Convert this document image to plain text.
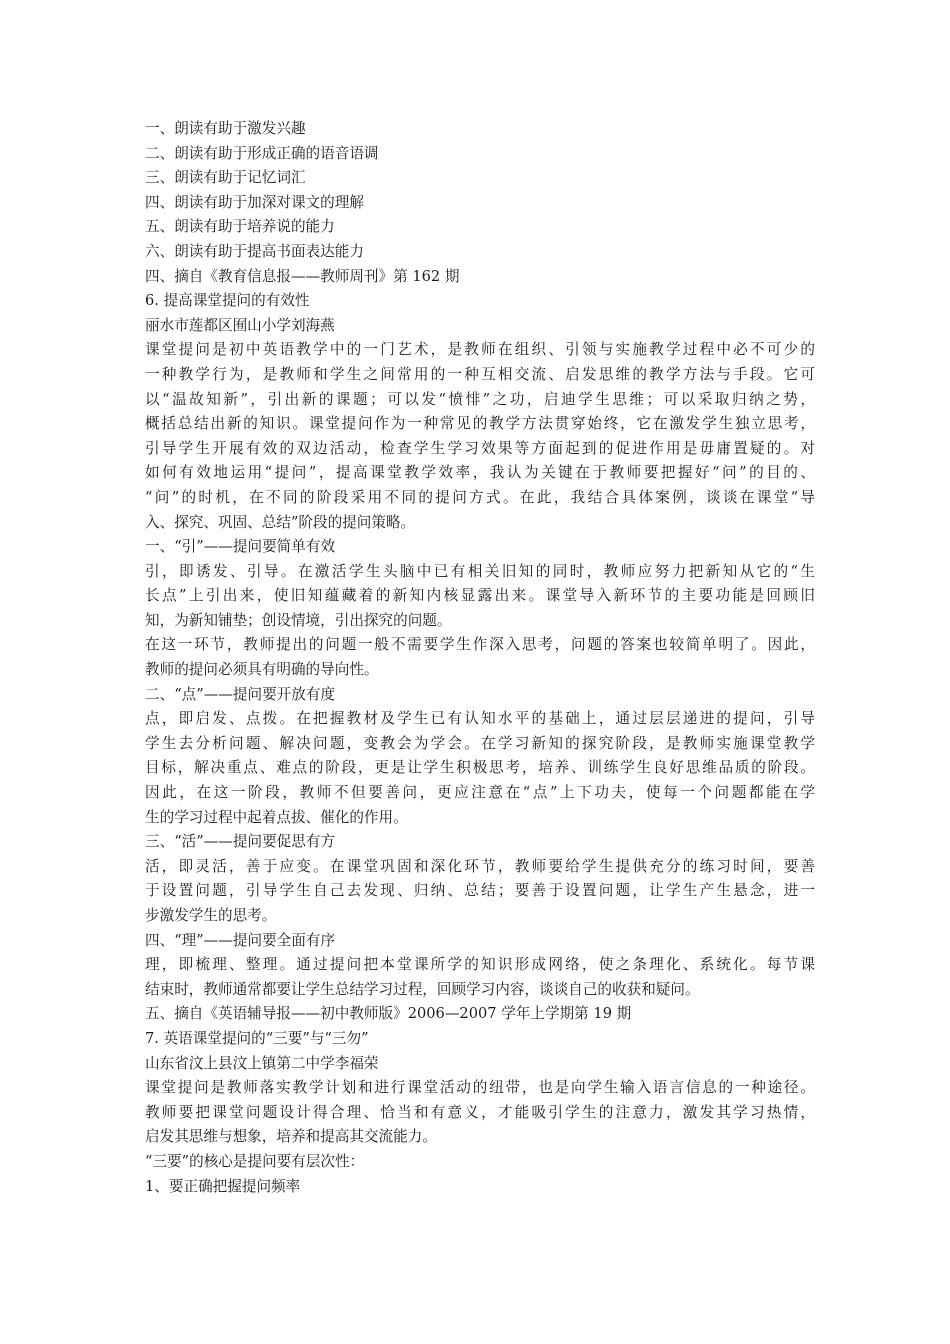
一、朗读有助于激发兴趣
二、朗读有助于形成正确的语音语调
三、朗读有助于记忆词汇
四、朗读有助于加深对课文的理解
五、朗读有助于培养说的能力
六、朗读有助于提高书面表达能力
四、摘自《教育信息报——教师周刊》第 162 期
6. 提高课堂提问的有效性
丽水市莲都区囿山小学刘海燕
课堂提问是初中英语教学中的一门艺术，是教师在组织、引领与实施教学过程中必不可少的
一种教学行为，是教师和学生之间常用的一种互相交流、启发思维的教学方法与手段。它可
以“温故知新”，引出新的课题；可以发“愤悱”之功，启迪学生思维；可以采取归纳之势，
概括总结出新的知识。课堂提问作为一种常见的教学方法贯穿始终，它在激发学生独立思考，
引导学生开展有效的双边活动，检查学生学习效果等方面起到的促进作用是毋庸置疑的。对
如何有效地运用“提问”，提高课堂教学效率，我认为关键在于教师要把握好“问”的目的、
“问”的时机，在不同的阶段采用不同的提问方式。在此，我结合具体案例，谈谈在课堂“导
入、探究、巩固、总结”阶段的提问策略。
一、“引”——提问要简单有效
引，即诱发、引导。在激活学生头脑中已有相关旧知的同时，教师应努力把新知从它的“生
长点”上引出来，使旧知蕴藏着的新知内核显露出来。课堂导入新环节的主要功能是回顾旧
知，为新知铺垫；创设情境，引出探究的问题。
在这一环节，教师提出的问题一般不需要学生作深入思考，问题的答案也较简单明了。因此，
教师的提问必须具有明确的导向性。
二、“点”——提问要开放有度
点，即启发、点拨。在把握教材及学生已有认知水平的基础上，通过层层递进的提问，引导
学生去分析问题、解决问题，变教会为学会。在学习新知的探究阶段，是教师实施课堂教学
目标，解决重点、难点的阶段，更是让学生积极思考，培养、训练学生良好思维品质的阶段。
因此，在这一阶段，教师不但要善问，更应注意在“点”上下功夫，使每一个问题都能在学
生的学习过程中起着点拔、催化的作用。
三、“活”——提问要促思有方
活，即灵活，善于应变。在课堂巩固和深化环节，教师要给学生提供充分的练习时间，要善
于设置问题，引导学生自己去发现、归纳、总结；要善于设置问题，让学生产生悬念，进一
步激发学生的思考。
四、“理”——提问要全面有序
理，即梳理、整理。通过提问把本堂课所学的知识形成网络，使之条理化、系统化。每节课
结束时，教师通常都要让学生总结学习过程，回顾学习内容，谈谈自己的收获和疑问。
五、摘自《英语辅导报——初中教师版》2006—2007 学年上学期第 19 期
7. 英语课堂提问的“三要”与“三勿”
山东省汶上县汶上镇第二中学李福荣
课堂提问是教师落实教学计划和进行课堂活动的纽带，也是向学生输入语言信息的一种途径。
教师要把课堂问题设计得合理、恰当和有意义，才能吸引学生的注意力，激发其学习热情，
启发其思维与想象，培养和提高其交流能力。
“三要”的核心是提问要有层次性：
1、要正确把握提问频率
